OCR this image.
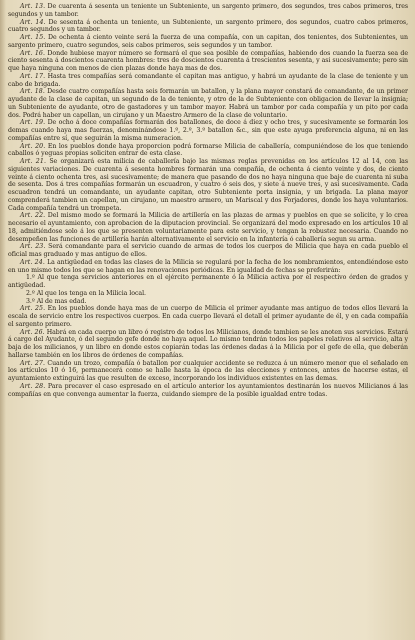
Art. 13. De cuarenta á sesenta un teniente un Subteniente, un sargento primero, dos segundos, tres cabos primeros, tres segundos y un tambor.

Art. 14. De sesenta á ochenta un teniente, un Subteniente, un sargento primero, dos segundos, cuatro cabos primeros, cuatro segundos y un tambor.

Art. 15. De ochenta á ciento veinte será la fuerza de una compañía, con un capitan, dos tenientes, dos Subtenientes, un sargento primero, cuatro segundos, seis cabos primeros, seis segundos y un tambor.

Art. 16. Donde hubiese mayor número se formará el que sea posible de compañías, habiendo dos cuando la fuerza sea de ciento sesenta á doscientos cuarenta hombres: tres de doscientos cuarenta á trescientos sesenta, y asi sucesivamente; pero sin que haya ninguna con menos de cien plazas donde haya mas de dos.

Art. 17. Hasta tres compañías será comandante el capitan mas antiguo, y habrá un ayudante de la clase de teniente y un cabo de brigada.

Art. 18. Desde cuatro compañías hasta seis formarán un batallon, y la plana mayor constará de comandante, de un primer ayudante de la clase de capitan, un segundo de la de teniente, y otro de la de Subteniente con obligacion de llevar la insignia; un Subteniente de ayudante, otro de gastadores y un tambor mayor. Habrá un tambor por cada compañía y un pito por cada dos. Podrá haber un capellan, un cirujano y un Maestro Armero de la clase de voluntario.

Art. 19. De ocho á doce compañías formarán dos batallones, de doce á diez y ocho tres, y sucesivamente se formarán los demas cuando haya mas fuerzas, denominándose 1.º, 2.º, 3.º batallon &c., sin que este ayuga preferencia alguna, ni en las compañías entre sí, que seguirán la misma numeracion.

Art. 20. En los pueblos donde haya proporcion podrá formarse Milicia de caballería, compuniéndose de los que teniendo caballos ó yeguas propias soliciten entrar de esta clase.

Art. 21. Se organizará esta milicia de caballería bajo las mismas reglas prevenidas en los artículos 12 al 14, con las siguientes variaciones. De cuarenta á sesenta hombres formarán una compañía, de ochenta á ciento veinte y dos, de ciento veinte á ciento ochenta tres, asi sucesivamente; de manera que pasando de dos no haya ninguna que baje de cuarenta ni suba de sesenta. Dos á tres compañías formarán un escuadron, y cuatro ó seis dos, y siete á nueve tres, y asi sucesivamente. Cada escuadron tendrá un comandante, un ayudante capitan, otro Subteniente porta insignia, y un brigada. La plana mayor comprenderá tambien un capellan, un cirujano, un maestro armero, un Mariscal y dos Forjadores, donde los haya voluntarios. Cada compañía tendrá un trompeta.

Art. 22. Del mismo modo se formará la Milicia de artillería en las plazas de armas y pueblos en que se solicite, y lo crea necesario el ayuntamiento, con aprobacion de la diputacion provincial. Se organizará del modo expresado en los artículos 10 al 18, admitiéndose solo á los que se presenten voluntariamente para este servicio, y tengan la robustez necesaria. Cuando no desempeñen las funciones de artillería harán alternativamente el servicio en la infantería ó caballería segun su arma.

Art. 23. Será comandante para el servicio cuando de armas de todos los cuerpos de Milicia que haya en cada pueblo el oficial mas graduado y mas antiguo de ellos.

Art. 24. La antigüedad en todas las clases de la Milicia se regulará por la fecha de los nombramientos, entendiéndose esto en uno mismo todos los que se hagan en las renovaciones periódicas. En igualdad de fechas se preferirán:

1.º Al que tenga servicios anteriores en el ejército permanente ó la Milicia activa por el respectivo órden de grados y antigüedad.

2.º Al que los tenga en la Milicia local.

3.º Al de mas edad.

Art. 25. En los pueblos donde haya mas de un cuerpo de Milicia el primer ayudante mas antiguo de todos ellos llevará la escala de servicio entre los respectivos cuerpos. En cada cuerpo llevará el detall el primer ayudante de él, y en cada compañía el sargento primero.

Art. 26. Habrá en cada cuerpo un libro ó registro de todos los Milicianos, donde tambien se les anoten sus servicios. Estará á cargo del Ayudante, ó del segundo gefe donde no haya aquel. Lo mismo tendrán todos los papeles relativos al servicio, alta y baja de los milicianos, y un libro en donde estos copiarán todas las órdenes dadas á la Milicia por el gefe de ella, que deberán hallarse también en los libros de órdenes de compañías.

Art. 27. Cuando un trozo, compañía ó batallon por cualquier accidente se reduzca á un número menor que el señalado en los artículos 10 ó 16, permanecerá como se halle hasta la época de las elecciones y entonces, antes de hacerse estas, el ayuntamiento extinguirá las que resulten de exceso, incorporando los individuos existentes en las demas.

Art. 28. Para precaver el caso espresado en el artículo anterior los ayuntamientos destinarán los nuevos Milicianos á las compañías en que convenga aumentar la fuerza, cuidando siempre de la posible igualdad entre todas.
